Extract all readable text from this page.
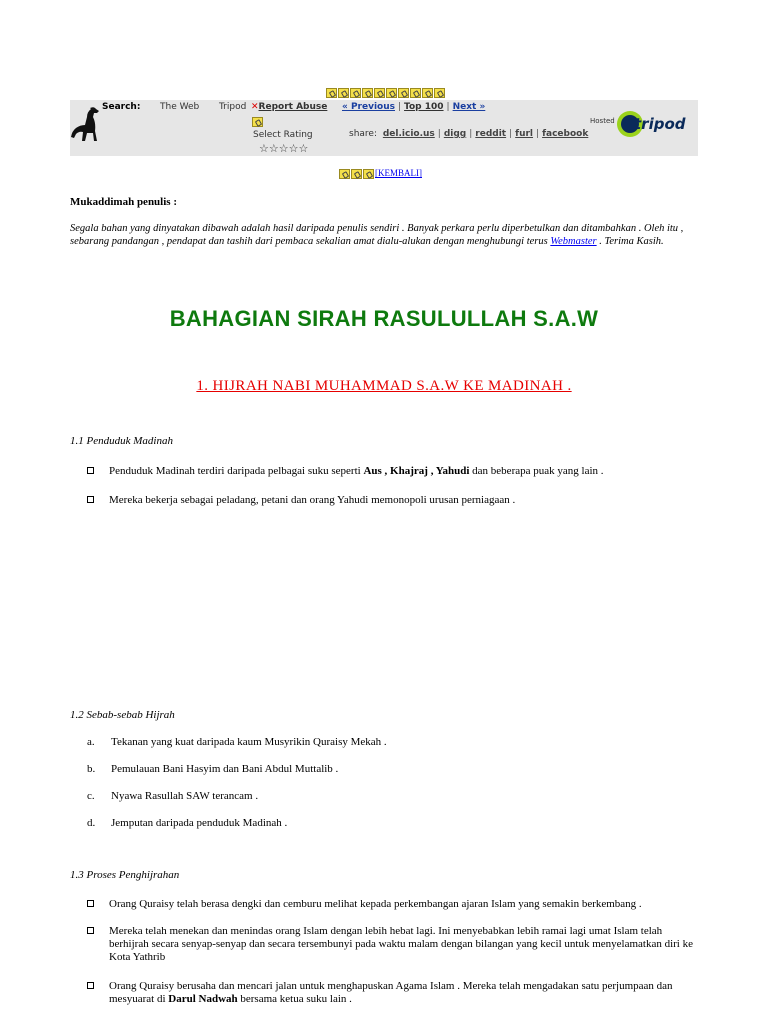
Search: The Web Tripod ✕Report Abuse « Previous | Top 100 | Next »
Select Rating
☆☆☆☆☆
share: del.icio.us | digg | reddit | furl | facebook
Hosted tripod
[KEMBALI]
Mukaddimah penulis :
Segala bahan yang dinyatakan dibawah adalah hasil daripada penulis sendiri . Banyak perkara perlu diperbetulkan dan ditambahkan . Oleh itu , sebarang pandangan , pendapat dan tashih dari pembaca sekalian amat dialu-alukan dengan menghubungi terus Webmaster . Terima Kasih.
BAHAGIAN SIRAH RASULULLAH S.A.W
1. HIJRAH NABI MUHAMMAD S.A.W KE MADINAH .
1.1 Penduduk Madinah
Penduduk Madinah terdiri daripada pelbagai suku seperti Aus , Khajraj , Yahudi dan beberapa puak yang lain .
Mereka bekerja sebagai peladang, petani dan orang Yahudi memonopoli urusan perniagaan .
1.2 Sebab-sebab Hijrah
a. Tekanan yang kuat daripada kaum Musyrikin Quraisy Mekah .
b. Pemulauan Bani Hasyim dan Bani Abdul Muttalib .
c. Nyawa Rasullah SAW terancam .
d. Jemputan daripada penduduk Madinah .
1.3 Proses Penghijrahan
Orang Quraisy telah berasa dengki dan cemburu melihat kepada perkembangan ajaran Islam yang semakin berkembang .
Mereka telah menekan dan menindas orang Islam dengan lebih hebat lagi. Ini menyebabkan lebih ramai lagi umat Islam telah berhijrah secara senyap-senyap dan secara tersembunyi pada waktu malam dengan bilangan yang kecil untuk menyelamatkan diri ke Kota Yathrib
Orang Quraisy berusaha dan mencari jalan untuk menghapuskan Agama Islam . Mereka telah mengadakan satu perjumpaan dan mesyuarat di Darul Nadwah bersama ketua suku lain .
